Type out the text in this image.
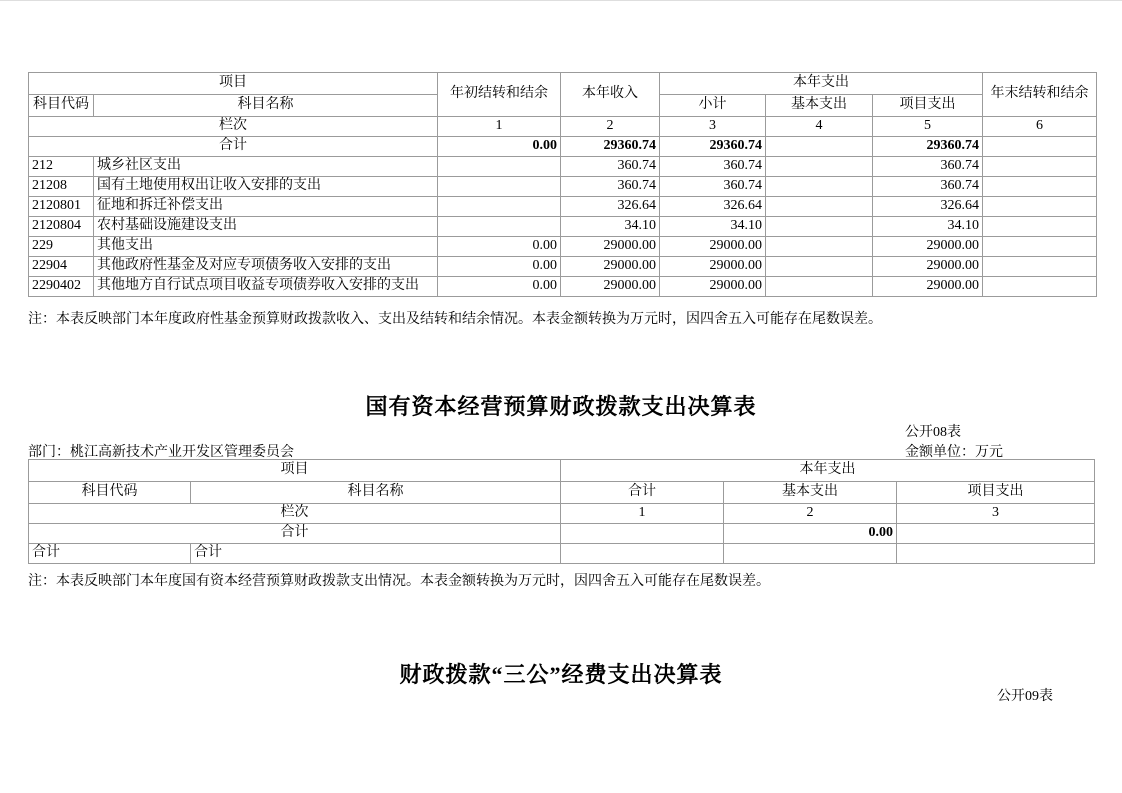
项目		年初结转和结余	本年收入	本年支出			年末结转和结余
科目代码	科目名称			小计	基本支出	项目支出	
栏次		1	2	3	4	5	6
合计		0.00	29360.74	29360.74		29360.74	
212	城乡社区支出		360.74	360.74		360.74	
21208	国有土地使用权出让收入安排的支出		360.74	360.74		360.74	
2120801	征地和拆迁补偿支出		326.64	326.64		326.64	
2120804	农村基础设施建设支出		34.10	34.10		34.10	
229	其他支出	0.00	29000.00	29000.00		29000.00	
22904	其他政府性基金及对应专项债务收入安排的支出	0.00	29000.00	29000.00		29000.00	
2290402	其他地方自行试点项目收益专项债券收入安排的支出	0.00	29000.00	29000.00		29000.00	
注：本表反映部门本年度政府性基金预算财政拨款收入、支出及结转和结余情况。本表金额转换为万元时，因四舍五入可能存在尾数误差。
国有资本经营预算财政拨款支出决算表
公开08表
部门：桃江高新技术产业开发区管理委员会	金额单位：万元
项目		本年支出		
科目代码	科目名称	合计	基本支出	项目支出
栏次		1	2	3
合计			0.00	
合计	合计			
注：本表反映部门本年度国有资本经营预算财政拨款支出情况。本表金额转换为万元时，因四舍五入可能存在尾数误差。
财政拨款“三公”经费支出决算表
公开09表
